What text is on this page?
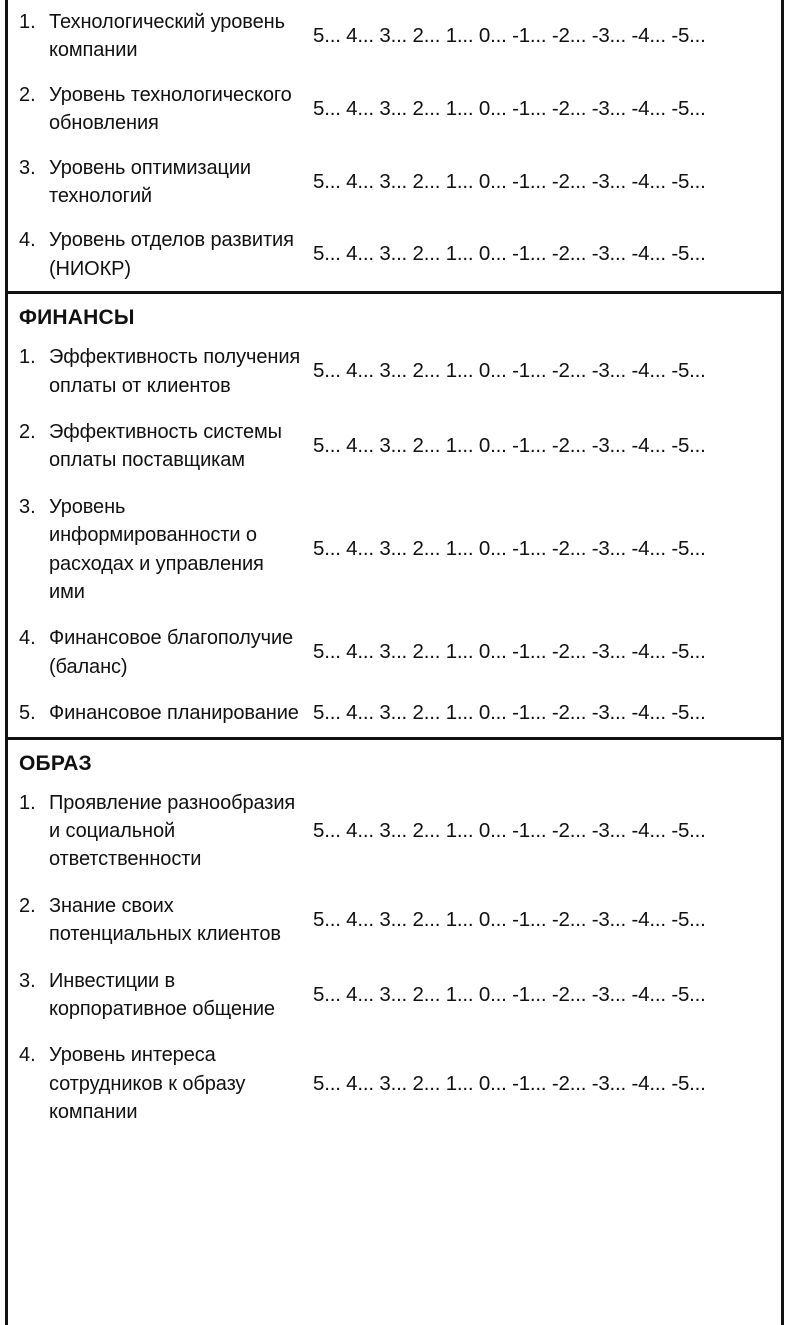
1. Технологический уровень компании
5... 4... 3... 2... 1... 0... -1... -2... -3... -4... -5...
2. Уровень технологического обновления
5... 4... 3... 2... 1... 0... -1... -2... -3... -4... -5...
3. Уровень оптимизации технологий
5... 4... 3... 2... 1... 0... -1... -2... -3... -4... -5...
4. Уровень отделов развития (НИОКР)
5... 4... 3... 2... 1... 0... -1... -2... -3... -4... -5...
ФИНАНСЫ
1. Эффективность получения оплаты от клиентов
5... 4... 3... 2... 1... 0... -1... -2... -3... -4... -5...
2. Эффективность системы оплаты поставщикам
5... 4... 3... 2... 1... 0... -1... -2... -3... -4... -5...
3. Уровень информированности о расходах и управления ими
5... 4... 3... 2... 1... 0... -1... -2... -3... -4... -5...
4. Финансовое благополучие (баланс)
5... 4... 3... 2... 1... 0... -1... -2... -3... -4... -5...
5. Финансовое планирование 5... 4... 3... 2... 1... 0... -1... -2... -3... -4... -5...
ОБРАЗ
1. Проявление разнообразия и социальной ответственности
5... 4... 3... 2... 1... 0... -1... -2... -3... -4... -5...
2. Знание своих потенциальных клиентов
5... 4... 3... 2... 1... 0... -1... -2... -3... -4... -5...
3. Инвестиции в корпоративное общение
5... 4... 3... 2... 1... 0... -1... -2... -3... -4... -5...
4. Уровень интереса сотрудников к образу компании
5... 4... 3... 2... 1... 0... -1... -2... -3... -4... -5...
